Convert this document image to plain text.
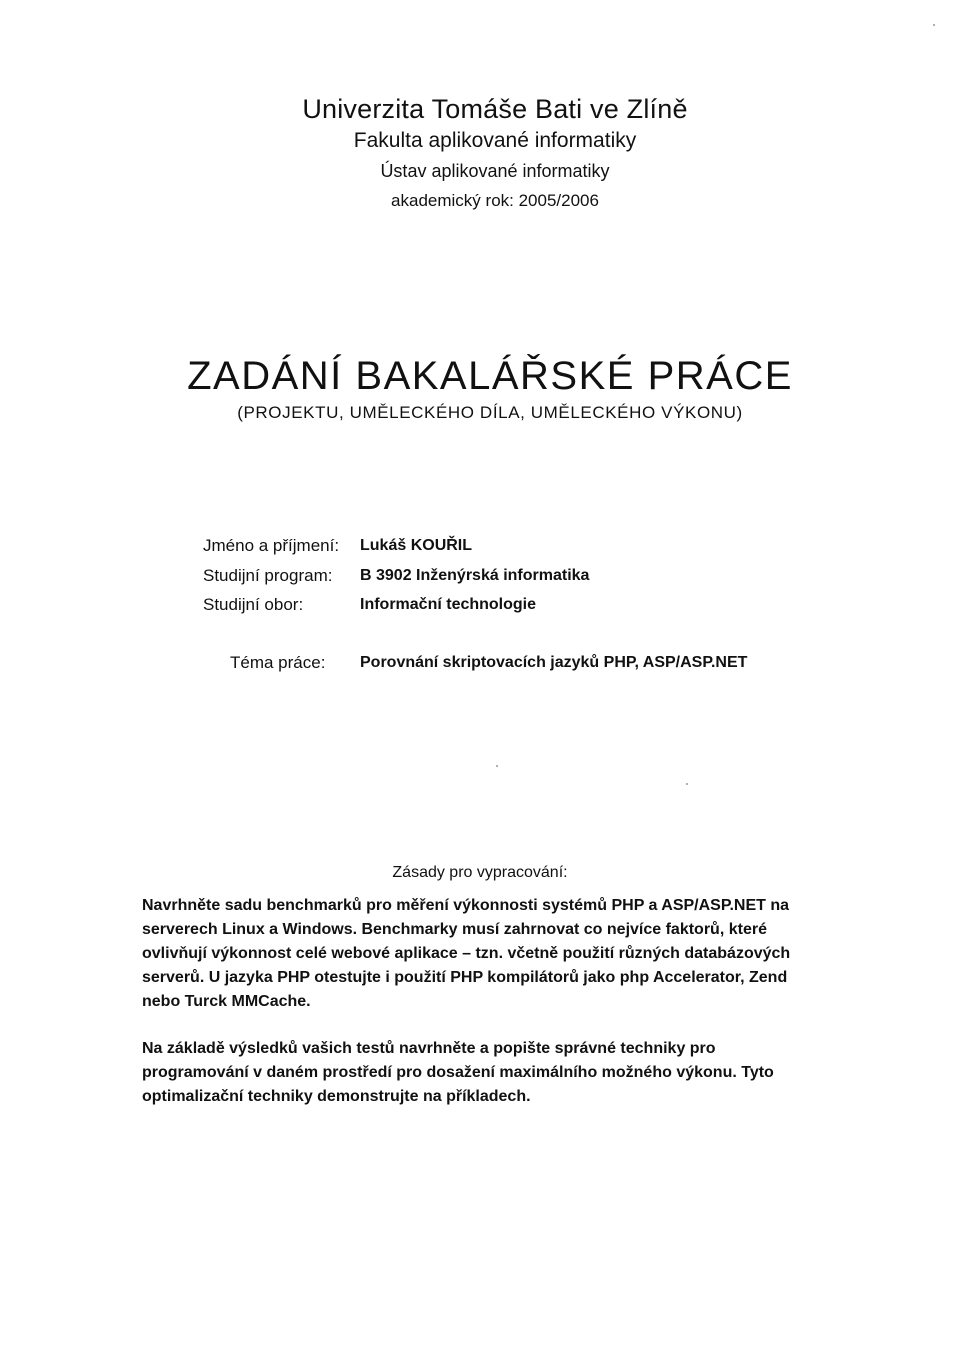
Univerzita Tomáše Bati ve Zlíně
Fakulta aplikované informatiky
Ústav aplikované informatiky
akademický rok: 2005/2006
ZADÁNÍ BAKALÁŘSKÉ PRÁCE
(PROJEKTU, UMĚLECKÉHO DÍLA, UMĚLECKÉHO VÝKONU)
Jméno a příjmení: Lukáš KOUŘIL
Studijní program: B 3902 Inženýrská informatika
Studijní obor:	Informační technologie
Téma práce: Porovnání skriptovacích jazyků PHP, ASP/ASP.NET
Zásady pro vypracování:
Navrhněte sadu benchmarků pro měření výkonnosti systémů PHP a ASP/ASP.NET na serverech Linux a Windows. Benchmarky musí zahrnovat co nejvíce faktorů, které ovlivňují výkonnost celé webové aplikace – tzn. včetně použití různých databázových serverů. U jazyka PHP otestujte i použití PHP kompilátorů jako php Accelerator, Zend nebo Turck MMCache.
Na základě výsledků vašich testů navrhněte a popište správné techniky pro programování v daném prostředí pro dosažení maximálního možného výkonu. Tyto optimalizační techniky demonstrujte na příkladech.
